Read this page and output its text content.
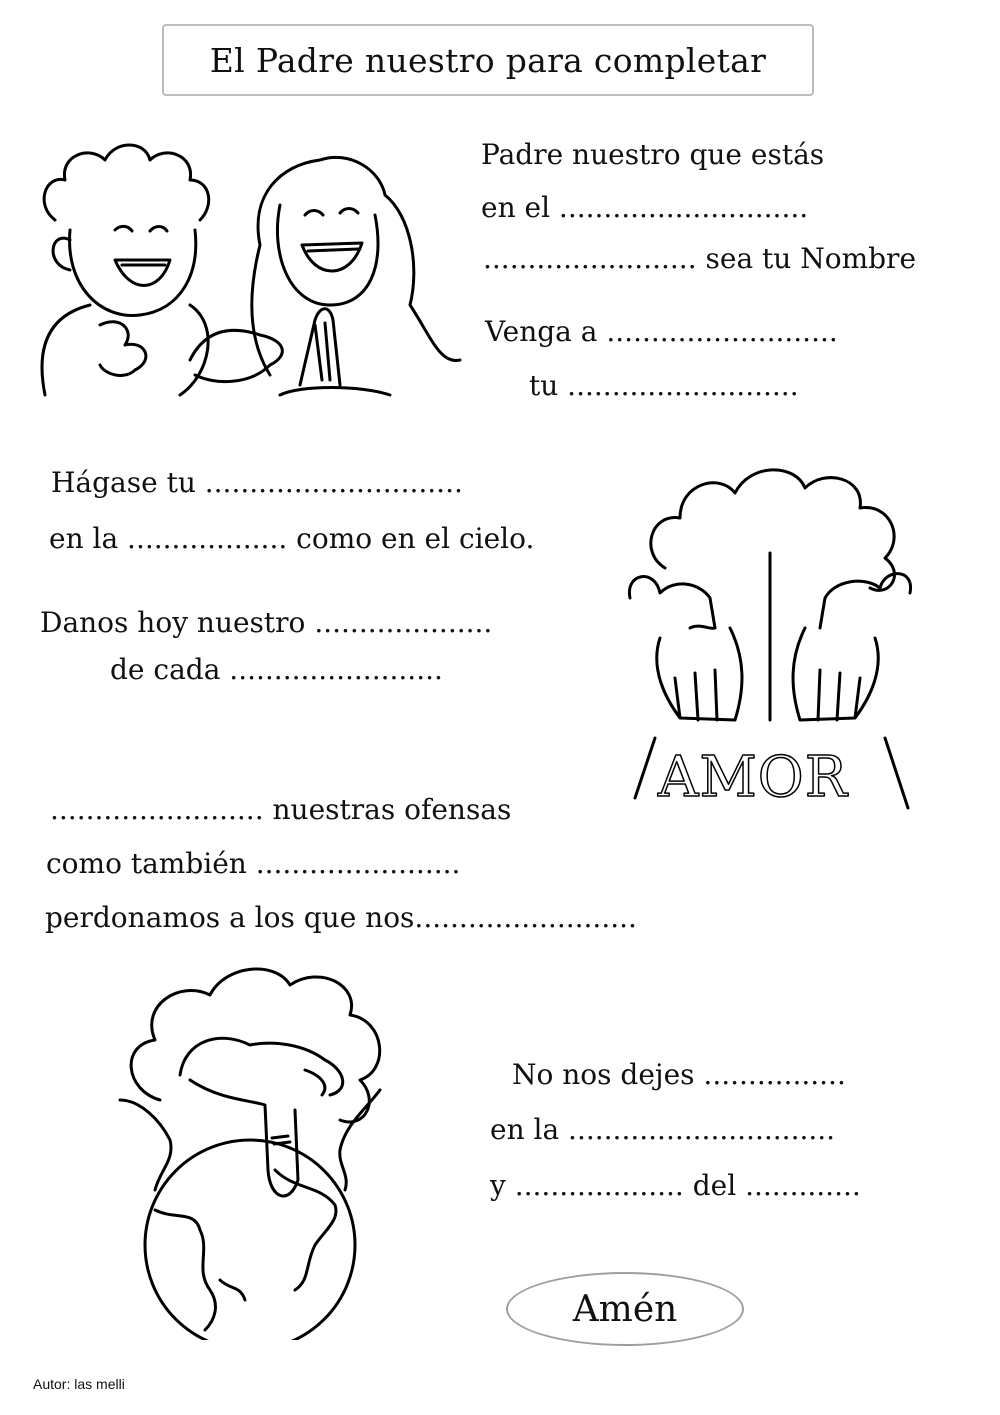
El Padre nuestro para completar
Padre nuestro que estás
en el ............................
........................ sea tu Nombre
Venga a ..........................
tu ..........................
Hágase tu .............................
en la .................. como en el cielo.
Danos hoy nuestro ....................
de cada ........................
AMOR
........................ nuestras ofensas
como también .......................
perdonamos a los que nos.........................
No nos dejes ................
en la ..............................
y ................... del .............
Amén
Autor: las melli
